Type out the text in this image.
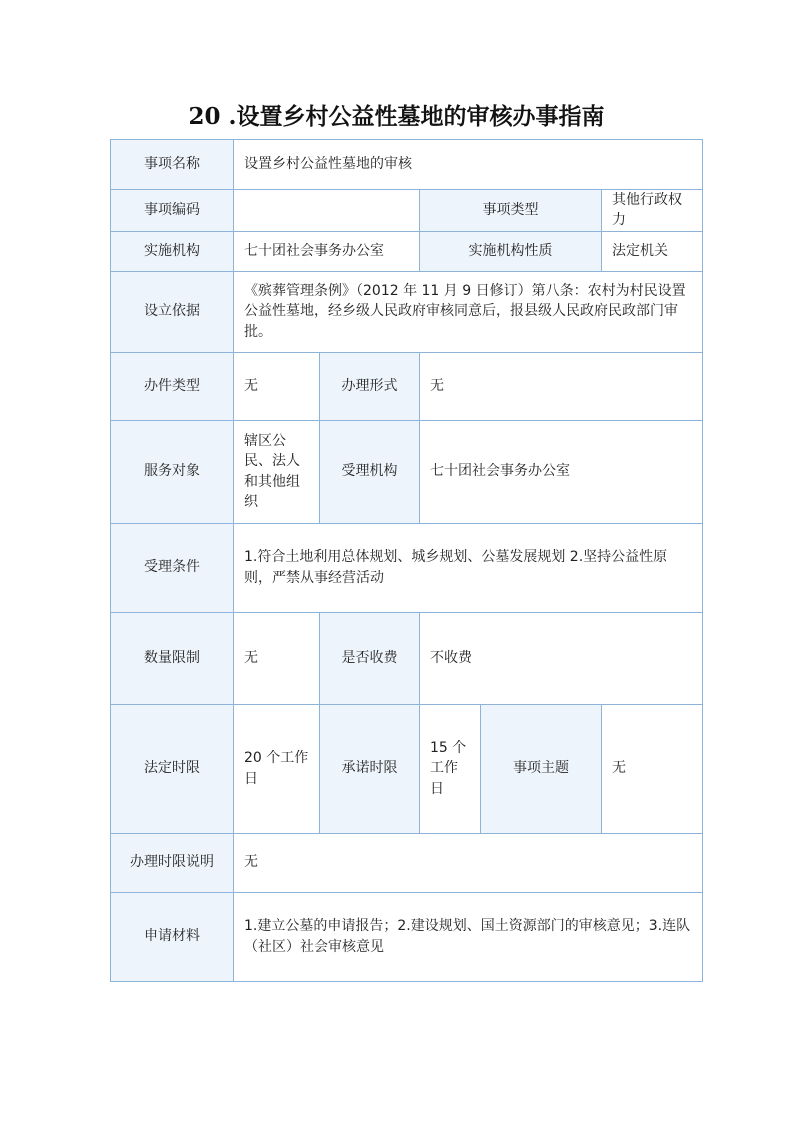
20 .设置乡村公益性墓地的审核办事指南
事项名称	设置乡村公益性墓地的审核				
事项编码			事项类型		其他行政权力
实施机构	七十团社会事务办公室		实施机构性质		法定机关
设立依据	《殡葬管理条例》（2012 年 11 月 9 日修订）第八条：农村为村民设置公益性墓地，经乡级人民政府审核同意后，报县级人民政府民政部门审批。				
办件类型	无	办理形式	无		
服务对象	辖区公民、法人和其他组织	受理机构	七十团社会事务办公室		
受理条件	1.符合土地利用总体规划、城乡规划、公墓发展规划 2.坚持公益性原则，严禁从事经营活动				
数量限制	无	是否收费	不收费		
法定时限	20 个工作日	承诺时限	15 个工作日	事项主题	无
办理时限说明	无				
申请材料	1.建立公墓的申请报告；2.建设规划、国土资源部门的审核意见；3.连队（社区）社会审核意见				
